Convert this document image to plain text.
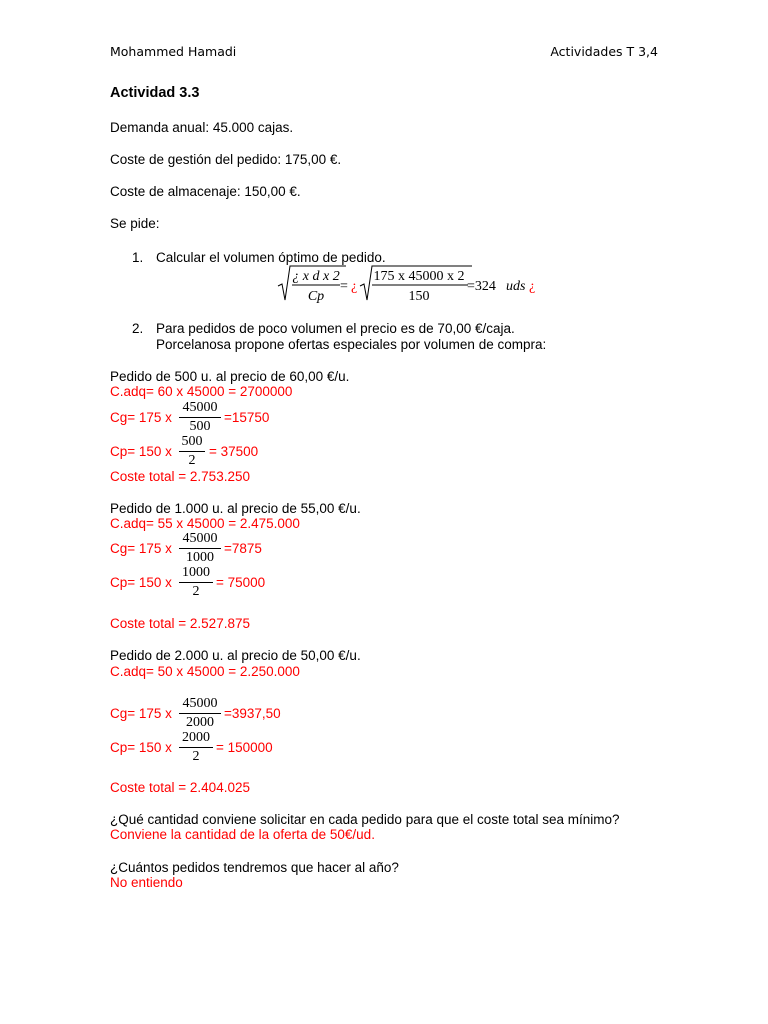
Mohammed Hamadi	Actividades T 3,4
Actividad 3.3
Demanda anual: 45.000 cajas.
Coste de gestión del pedido: 175,00 €.
Coste de almacenaje: 150,00 €.
Se pide:
1. Calcular el volumen óptimo de pedido.
¿ x d x 2
Cp
= ¿
175 x 45000 x 2
150
=324 uds ¿
2. Para pedidos de poco volumen el precio es de 70,00 €/caja.
Porcelanosa propone ofertas especiales por volumen de compra:
Pedido de 500 u. al precio de 60,00 €/u.
C.adq= 60 x 45000 = 2700000
Cg= 175 x
45000
500
=15750
Cp= 150 x
500
2
= 37500
Coste total = 2.753.250
Pedido de 1.000 u. al precio de 55,00 €/u.
C.adq= 55 x 45000 = 2.475.000
Cg= 175 x
45000
1000
=7875
Cp= 150 x
1000
2
= 75000
Coste total = 2.527.875
Pedido de 2.000 u. al precio de 50,00 €/u.
C.adq= 50 x 45000 = 2.250.000
Cg= 175 x
45000
2000
=3937,50
Cp= 150 x
2000
2
= 150000
Coste total = 2.404.025
¿Qué cantidad conviene solicitar en cada pedido para que el coste total sea mínimo?
Conviene la cantidad de la oferta de 50€/ud.
¿Cuántos pedidos tendremos que hacer al año?
No entiendo
